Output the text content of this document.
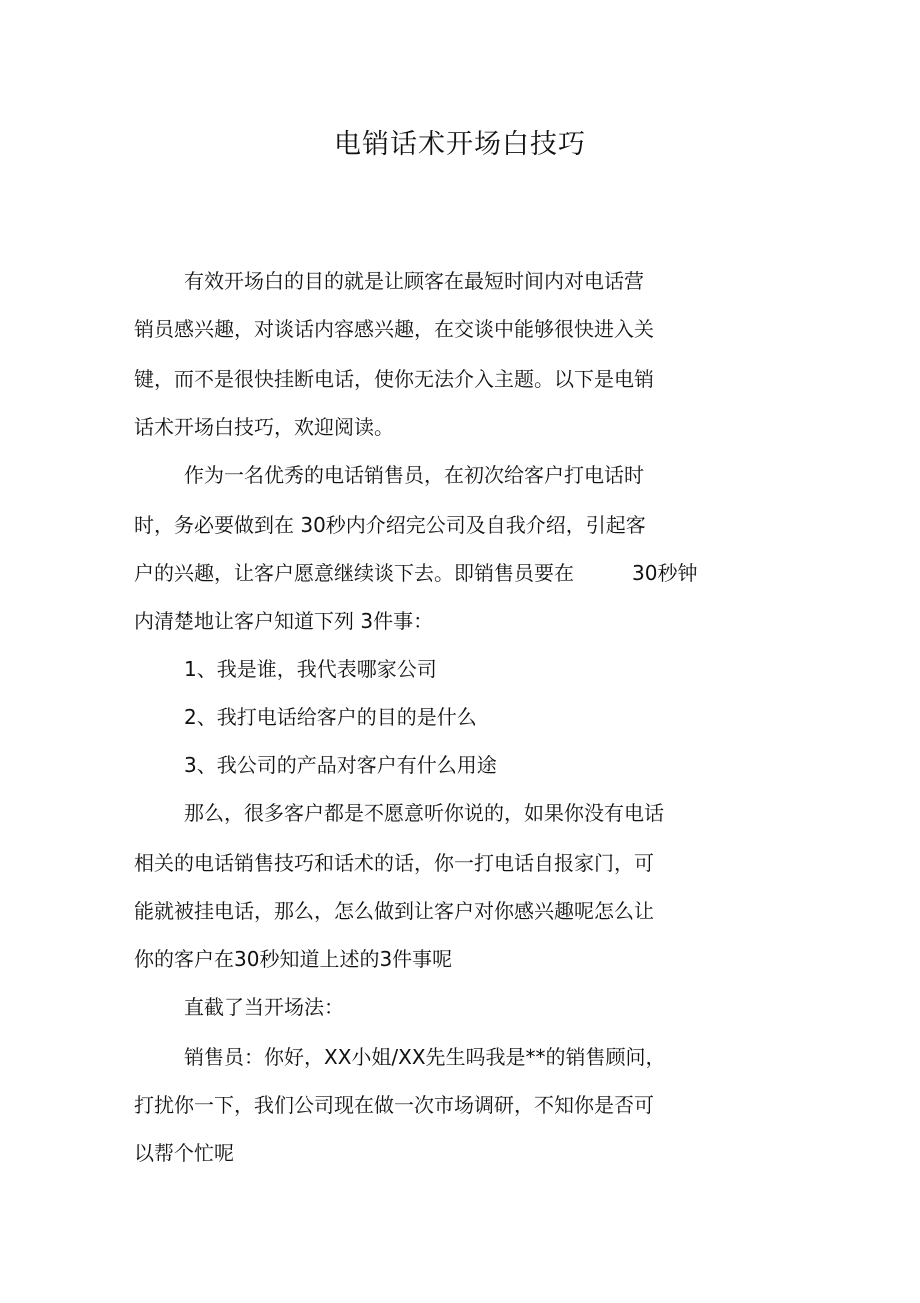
电销话术开场白技巧

有效开场白的目的就是让顾客在最短时间内对电话营

销员感兴趣，对谈话内容感兴趣，在交谈中能够很快进入关

键，而不是很快挂断电话，使你无法介入主题。以下是电销

话术开场白技巧，欢迎阅读。

作为一名优秀的电话销售员，在初次给客户打电话时

时，务必要做到在 30秒内介绍完公司及自我介绍，引起客

户的兴趣，让客户愿意继续谈下去。即销售员要在	30秒钟

内清楚地让客户知道下列 3件事：

1、我是谁，我代表哪家公司

2、我打电话给客户的目的是什么

3、我公司的产品对客户有什么用途

那么，很多客户都是不愿意听你说的，如果你没有电话

相关的电话销售技巧和话术的话，你一打电话自报家门，可

能就被挂电话，那么，怎么做到让客户对你感兴趣呢怎么让

你的客户在30秒知道上述的3件事呢

直截了当开场法：

销售员：你好，XX小姐/XX先生吗我是**的销售顾问，

打扰你一下，我们公司现在做一次市场调研，不知你是否可

以帮个忙呢
